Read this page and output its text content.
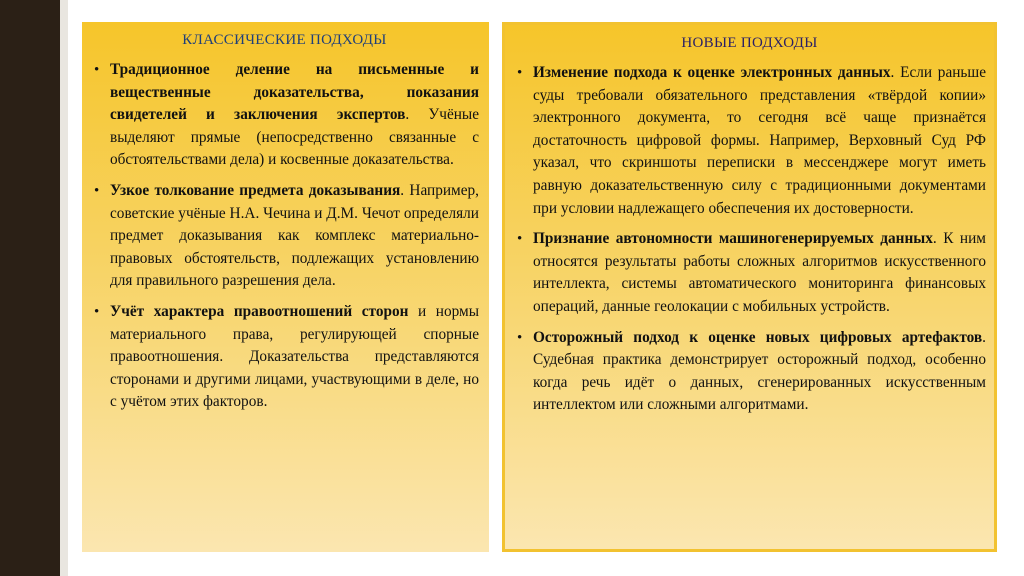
КЛАССИЧЕСКИЕ ПОДХОДЫ
• Традиционное деление на письменные и вещественные доказательства, показания свидетелей и заключения экспертов. Учёные выделяют прямые (непосредственно связанные с обстоятельствами дела) и косвенные доказательства.
• Узкое толкование предмета доказывания. Например, советские учёные Н.А. Чечина и Д.М. Чечот определяли предмет доказывания как комплекс материально-правовых обстоятельств, подлежащих установлению для правильного разрешения дела.
• Учёт характера правоотношений сторон и нормы материального права, регулирующей спорные правоотношения. Доказательства представляются сторонами и другими лицами, участвующими в деле, но с учётом этих факторов.
НОВЫЕ ПОДХОДЫ
• Изменение подхода к оценке электронных данных. Если раньше суды требовали обязательного представления «твёрдой копии» электронного документа, то сегодня всё чаще признаётся достаточность цифровой формы. Например, Верховный Суд РФ указал, что скриншоты переписки в мессенджере могут иметь равную доказательственную силу с традиционными документами при условии надлежащего обеспечения их достоверности.
• Признание автономности машиногенерируемых данных. К ним относятся результаты работы сложных алгоритмов искусственного интеллекта, системы автоматического мониторинга финансовых операций, данные геолокации с мобильных устройств.
• Осторожный подход к оценке новых цифровых артефактов. Судебная практика демонстрирует осторожный подход, особенно когда речь идёт о данных, сгенерированных искусственным интеллектом или сложными алгоритмами.
